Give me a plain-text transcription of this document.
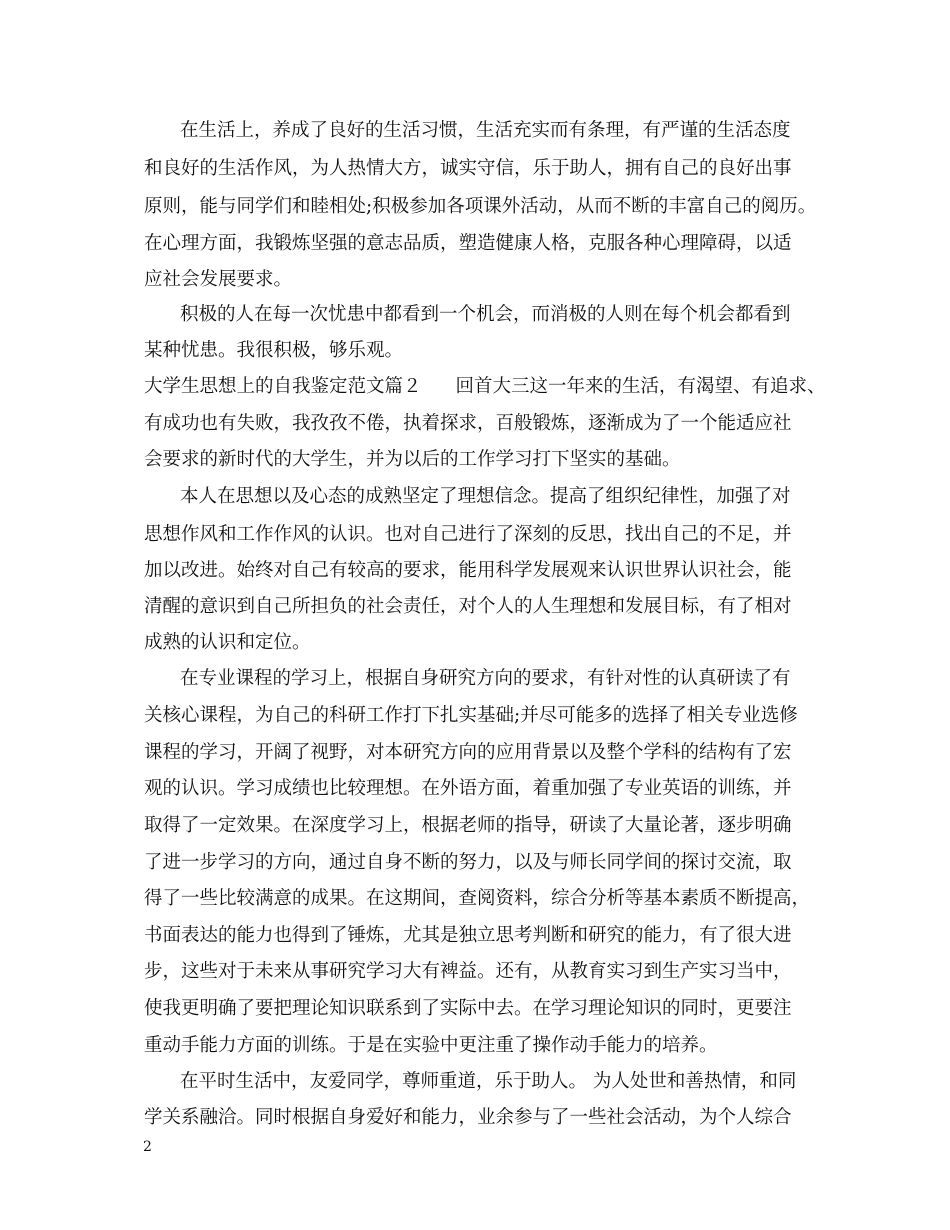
在生活上，养成了良好的生活习惯，生活充实而有条理，有严谨的生活态度
和良好的生活作风，为人热情大方，诚实守信，乐于助人，拥有自己的良好出事
原则，能与同学们和睦相处;积极参加各项课外活动，从而不断的丰富自己的阅历。
在心理方面，我锻炼坚强的意志品质，塑造健康人格，克服各种心理障碍，以适
应社会发展要求。
积极的人在每一次忧患中都看到一个机会，而消极的人则在每个机会都看到
某种忧患。我很积极，够乐观。
大学生思想上的自我鉴定范文篇２ 回首大三这一年来的生活，有渴望、有追求、
有成功也有失败，我孜孜不倦，执着探求，百般锻炼，逐渐成为了一个能适应社
会要求的新时代的大学生，并为以后的工作学习打下坚实的基础。
本人在思想以及心态的成熟坚定了理想信念。提高了组织纪律性，加强了对
思想作风和工作作风的认识。也对自己进行了深刻的反思，找出自己的不足，并
加以改进。始终对自己有较高的要求，能用科学发展观来认识世界认识社会，能
清醒的意识到自己所担负的社会责任，对个人的人生理想和发展目标，有了相对
成熟的认识和定位。
在专业课程的学习上，根据自身研究方向的要求，有针对性的认真研读了有
关核心课程，为自己的科研工作打下扎实基础;并尽可能多的选择了相关专业选修
课程的学习，开阔了视野，对本研究方向的应用背景以及整个学科的结构有了宏
观的认识。学习成绩也比较理想。在外语方面，着重加强了专业英语的训练，并
取得了一定效果。在深度学习上，根据老师的指导，研读了大量论著，逐步明确
了进一步学习的方向，通过自身不断的努力，以及与师长同学间的探讨交流，取
得了一些比较满意的成果。在这期间，查阅资料，综合分析等基本素质不断提高，
书面表达的能力也得到了锤炼，尤其是独立思考判断和研究的能力，有了很大进
步，这些对于未来从事研究学习大有裨益。还有，从教育实习到生产实习当中，
使我更明确了要把理论知识联系到了实际中去。在学习理论知识的同时，更要注
重动手能力方面的训练。于是在实验中更注重了操作动手能力的培养。
在平时生活中，友爱同学，尊师重道，乐于助人。 为人处世和善热情，和同
学关系融洽。同时根据自身爱好和能力，业余参与了一些社会活动，为个人综合
2
